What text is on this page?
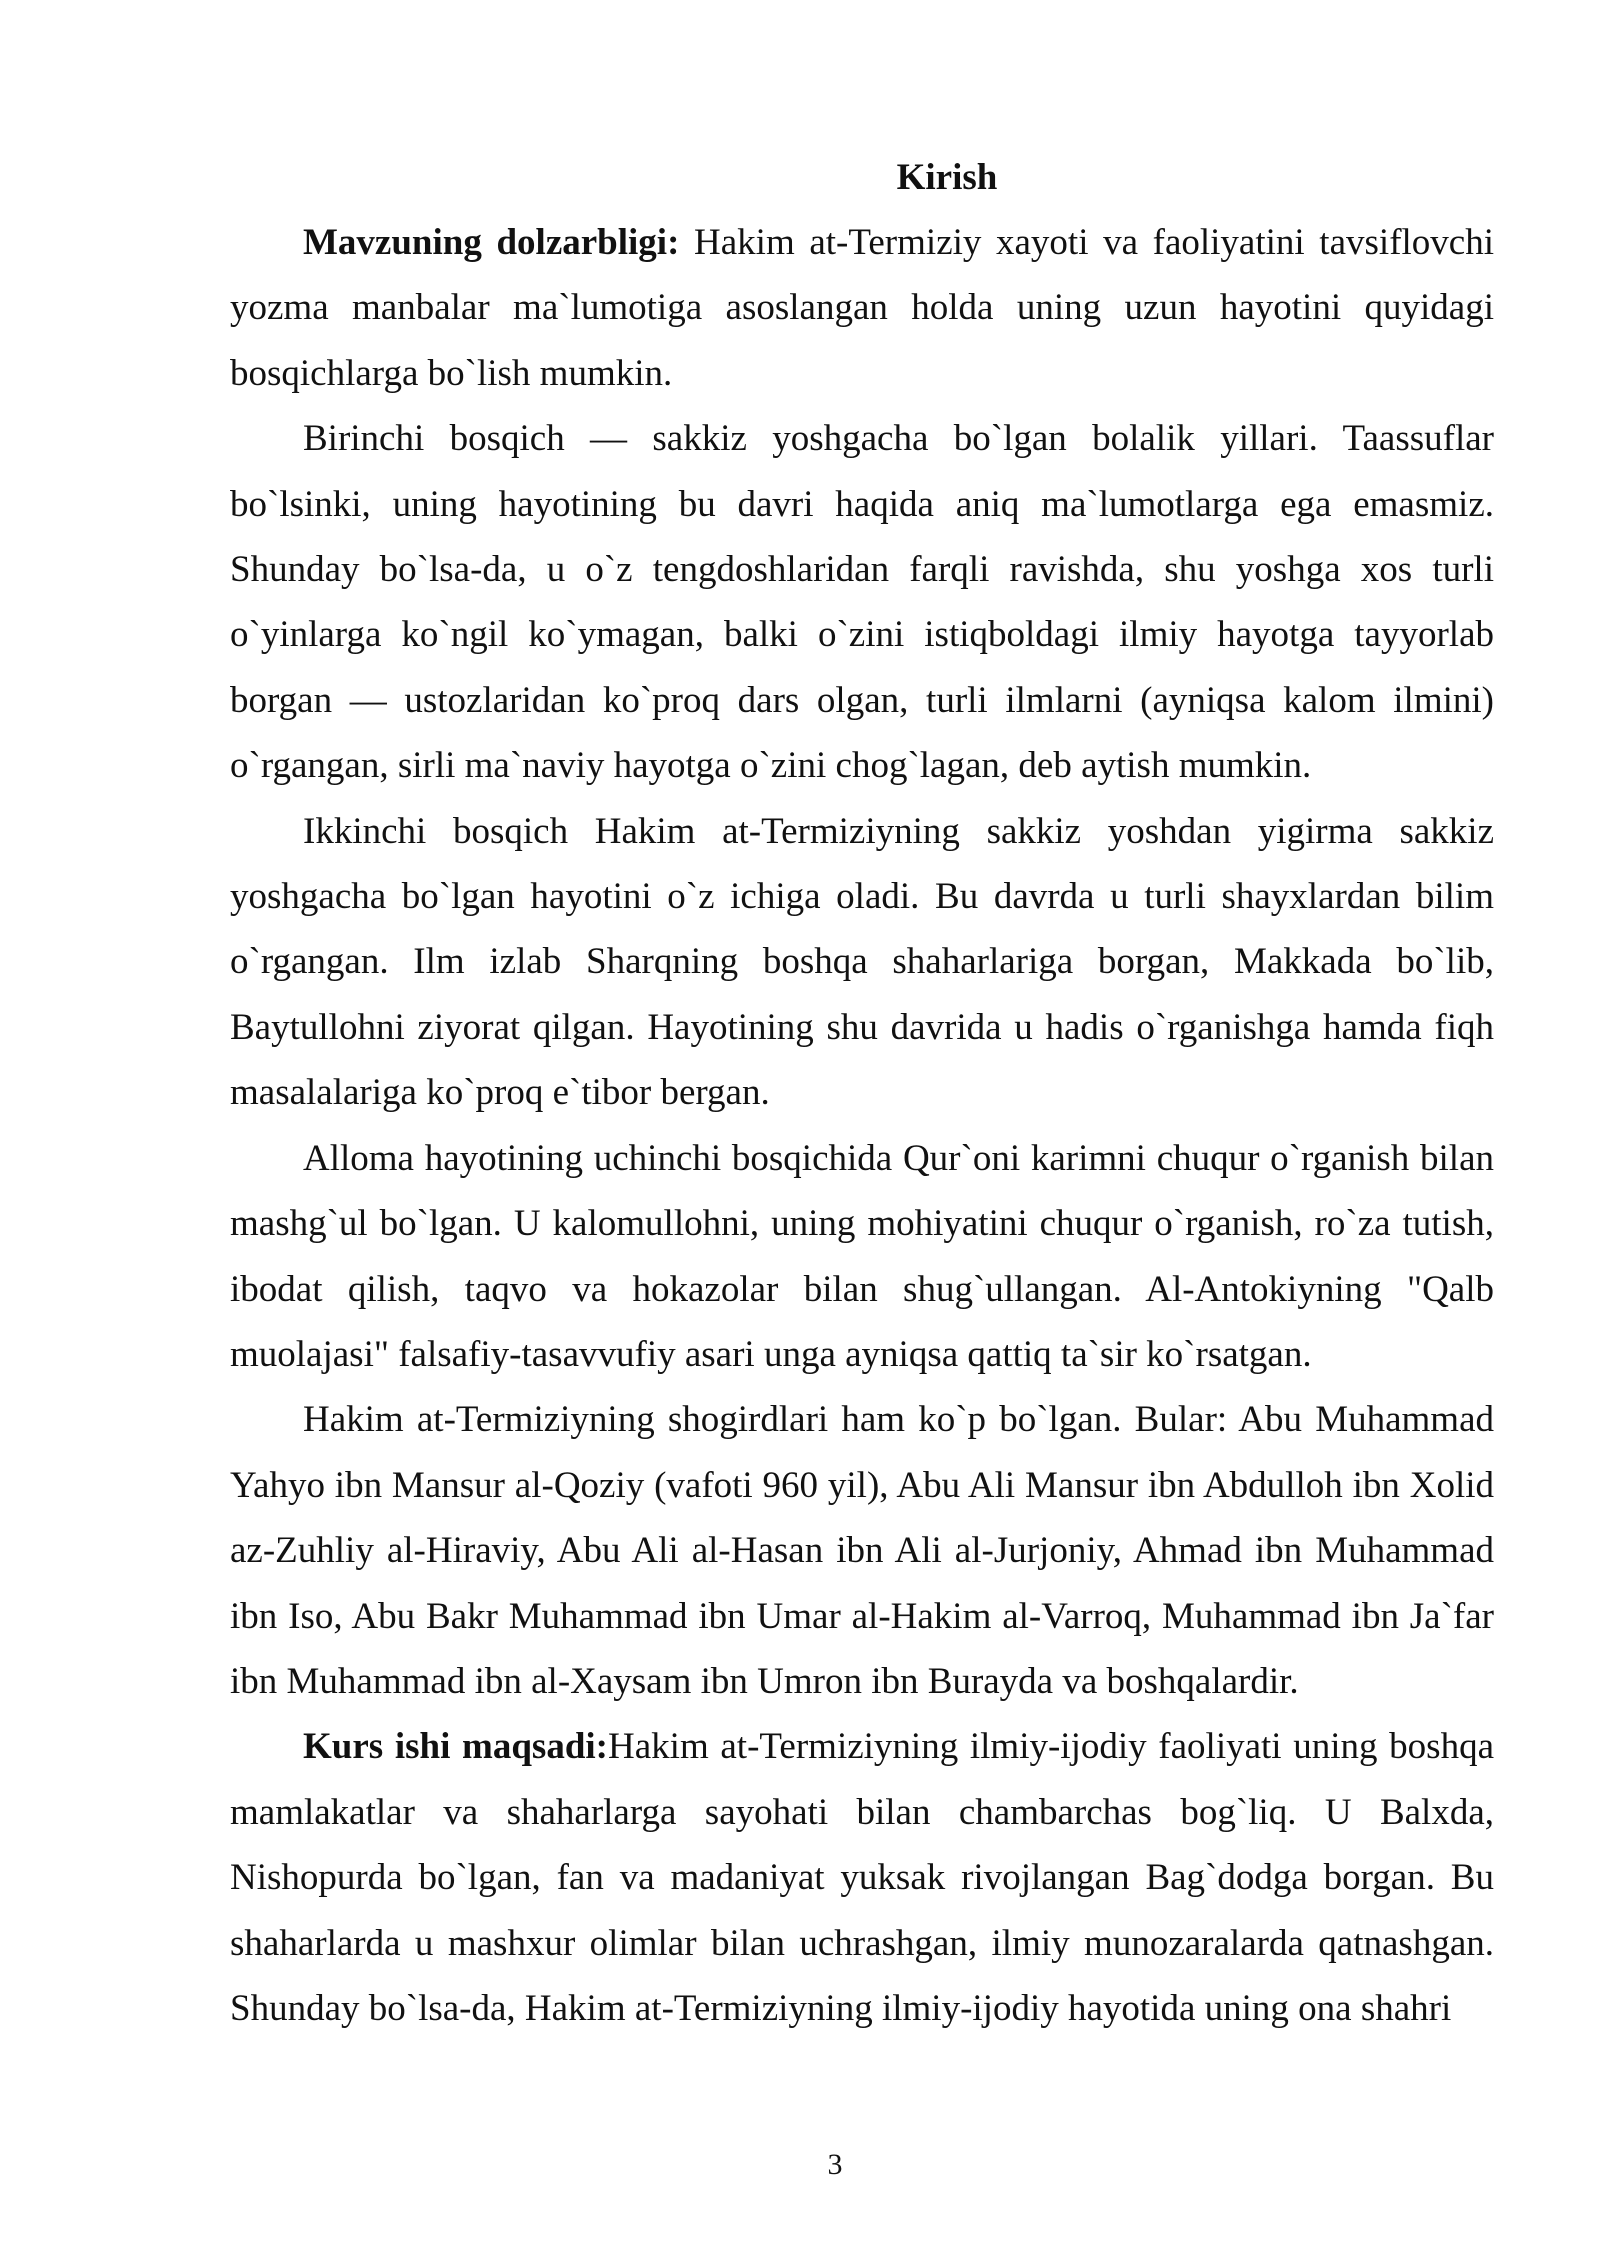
Kirish

Mavzuning dolzarbligi: Hakim at-Termiziy xayoti va faoliyatini tavsiflovchi yozma manbalar ma`lumotiga asoslangan holda uning uzun hayotini quyidagi bosqichlarga bo`lish mumkin.

Birinchi bosqich — sakkiz yoshgacha bo`lgan bolalik yillari. Taassuflar bo`lsinki, uning hayotining bu davri haqida aniq ma`lumotlarga ega emasmiz. Shunday bo`lsa-da, u o`z tengdoshlaridan farqli ravishda, shu yoshga xos turli o`yinlarga ko`ngil ko`ymagan, balki o`zini istiqboldagi ilmiy hayotga tayyorlab borgan — ustozlaridan ko`proq dars olgan, turli ilmlarni (ayniqsa kalom ilmini) o`rgangan, sirli ma`naviy hayotga o`zini chog`lagan, deb aytish mumkin.

Ikkinchi bosqich Hakim at-Termiziyning sakkiz yoshdan yigirma sakkiz yoshgacha bo`lgan hayotini o`z ichiga oladi. Bu davrda u turli shayxlardan bilim o`rgangan. Ilm izlab Sharqning boshqa shaharlariga borgan, Makkada bo`lib, Baytullohni ziyorat qilgan. Hayotining shu davrida u hadis o`rganishga hamda fiqh masalalariga ko`proq e`tibor bergan.

Alloma hayotining uchinchi bosqichida Qur`oni karimni chuqur o`rganish bilan mashg`ul bo`lgan. U kalomullohni, uning mohiyatini chuqur o`rganish, ro`za tutish, ibodat qilish, taqvo va hokazolar bilan shug`ullangan. Al-Antokiyning "Qalb muolajasi" falsafiy-tasavvufiy asari unga ayniqsa qattiq ta`sir ko`rsatgan.

Hakim at-Termiziyning shogirdlari ham ko`p bo`lgan. Bular: Abu Muhammad Yahyo ibn Mansur al-Qoziy (vafoti 960 yil), Abu Ali Mansur ibn Abdulloh ibn Xolid az-Zuhliy al-Hiraviy, Abu Ali al-Hasan ibn Ali al-Jurjoniy, Ahmad ibn Muhammad ibn Iso, Abu Bakr Muhammad ibn Umar al-Hakim al-Varroq, Muhammad ibn Ja`far ibn Muhammad ibn al-Xaysam ibn Umron ibn Burayda va boshqalardir.

Kurs ishi maqsadi:Hakim at-Termiziyning ilmiy-ijodiy faoliyati uning boshqa mamlakatlar va shaharlarga sayohati bilan chambarchas bog`liq. U Balxda, Nishopurda bo`lgan, fan va madaniyat yuksak rivojlangan Bag`dodga borgan. Bu shaharlarda u mashxur olimlar bilan uchrashgan, ilmiy munozaralarda qatnashgan. Shunday bo`lsa-da, Hakim at-Termiziyning ilmiy-ijodiy hayotida uning ona shahri

3
